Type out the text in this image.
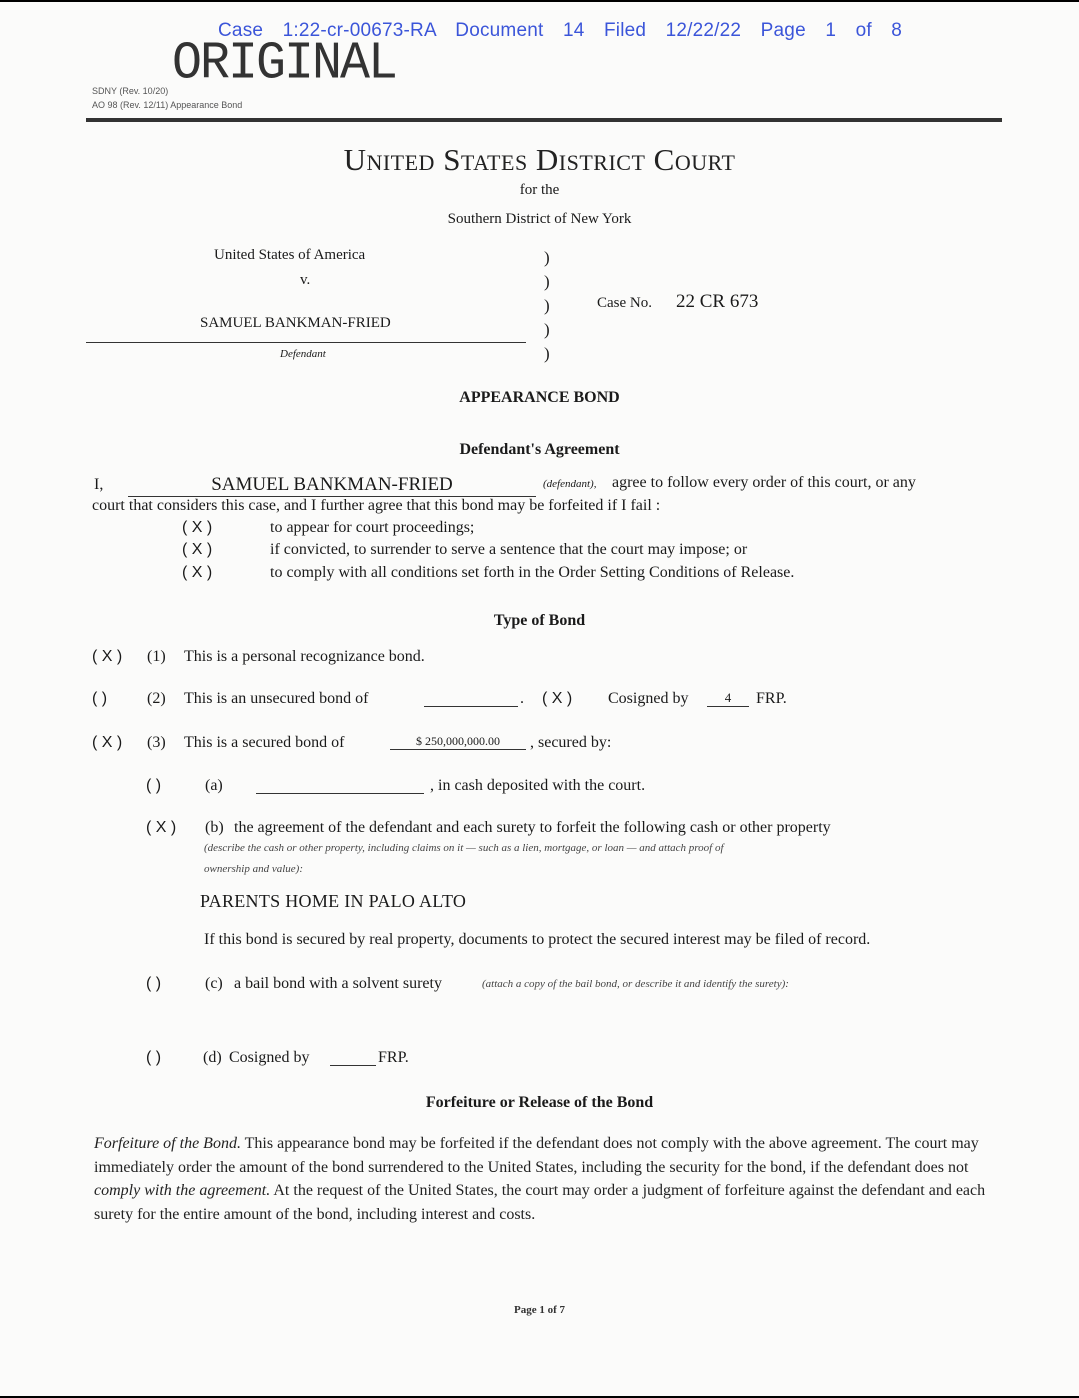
Case 1:22-cr-00673-RA Document 14 Filed 12/22/22 Page 1 of 8
ORIGINAL
SDNY (Rev. 10/20)
AO 98 (Rev. 12/11) Appearance Bond
United States District Court
for the
Southern District of New York
United States of America
v.
SAMUEL BANKMAN-FRIED
Defendant
)
)
)
)
)
Case No. 22 CR 673
APPEARANCE BOND
Defendant's Agreement
I,	SAMUEL BANKMAN-FRIED	(defendant), agree to follow every order of this court, or any
court that considers this case, and I further agree that this bond may be forfeited if I fail :
( X )	to appear for court proceedings;
( X )	if convicted, to surrender to serve a sentence that the court may impose; or
( X )	to comply with all conditions set forth in the Order Setting Conditions of Release.
Type of Bond
( X ) (1) This is a personal recognizance bond.
( ) (2) This is an unsecured bond of	. ( X ) Cosigned by	4	FRP.
( X ) (3) This is a secured bond of	$ 250,000,000.00	, secured by:
( )	(a)	, in cash deposited with the court.
( X ) (b) the agreement of the defendant and each surety to forfeit the following cash or other property
(describe the cash or other property, including claims on it — such as a lien, mortgage, or loan — and attach proof of
ownership and value):
PARENTS HOME IN PALO ALTO
If this bond is secured by real property, documents to protect the secured interest may be filed of record.
( )	(c) a bail bond with a solvent surety	(attach a copy of the bail bond, or describe it and identify the surety):
( )	(d) Cosigned by	FRP.
Forfeiture or Release of the Bond
Forfeiture of the Bond. This appearance bond may be forfeited if the defendant does not comply with the above agreement. The court may immediately order the amount of the bond surrendered to the United States, including the security for the bond, if the defendant does not comply with the agreement. At the request of the United States, the court may order a judgment of forfeiture against the defendant and each surety for the entire amount of the bond, including interest and costs.
Page 1 of 7
